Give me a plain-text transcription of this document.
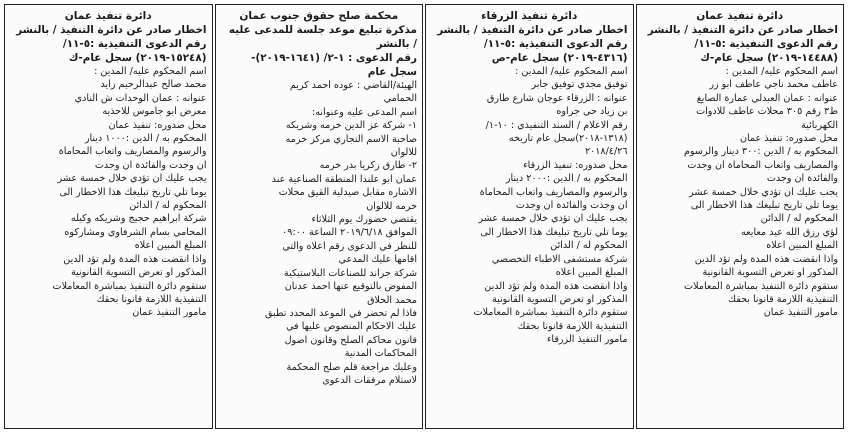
دائرة تنفيذ عمان

اخطار صادر عن دائرة التنفيذ / بالنشر

رقم الدعوى التنفيذية :٥-١١/

(١٤٤٨٨-٢٠١٩) سجل عام-ك

اسم المحكوم عليه/ المدين :

عاطف محمد ناجي عاطف ابو زر

عنوانه : عمان العبدلي عمارة الصايغ

ط٣ رقم ٣٠٥ محلات عاطف للادوات

الكهربائية

محل صدوره: تنفيذ عمان

المحكوم به / الدين :٣٠٠ دينار والرسوم

والمصاريف واتعاب المحاماة ان وجدت

والفائدة ان وجدت

يجب عليك ان تؤدي خلال خمسة عشر

يوما تلي تاريخ تبليغك هذا الاخطار الى

المحكوم له / الدائن

لؤي رزق الله عيد معايعه

المبلغ المبين اعلاه

واذا انقضت هذه المدة ولم تؤد الدين

المذكور او تعرض التسوية القانونية

ستقوم دائرة التنفيذ بمباشرة المعاملات

التنفيذية اللازمة قانونا بحقك

مامور التنفيذ عمان

دائرة تنفيذ الزرقاء

اخطار صادر عن دائرة التنفيذ / بالنشر

رقم الدعوى التنفيذية :٥-١١/

(٤٣١٦-٢٠١٩) سجل عام-ص

اسم المحكوم عليه/ المدين :

توفيق مجدي توفيق جابر

عنوانه : الزرقاء عوجان شارع طارق

بن زياد حي جراوه

رقم الاعلام / السند التنفيذي : ١٠-١/

(١٣١٨-٢٠١٨)سجل عام تاريخه

٢٠١٨/٤/٢٦

محل صدوره: تنفيذ الزرقاء

المحكوم به / الدين :٢٠٠٠ دينار

والرسوم والمصاريف واتعاب المحاماة

ان وجدت والفائدة ان وجدت

يجب عليك ان تؤدي خلال خمسة عشر

يوما تلي تاريخ تبليغك هذا الاخطار الى

المحكوم له / الدائن

شركة مستشفى الاطباء التخصصي

المبلغ المبين اعلاه

واذا انقضت هذه المدة ولم تؤد الدين

المذكور او تعرض التسوية القانونية

ستقوم دائرة التنفيذ بمباشرة المعاملات

التنفيذية اللازمة قانونا بحقك

مامور التنفيذ الزرقاء

محكمة صلح حقوق جنوب عمان

مذكرة تبليغ موعد جلسة للمدعى عليه

/ بالنشر

رقم الدعوى : ١-٢/ (١٦٤١-٢٠١٩)-

سجل عام

الهيئة/القاضي : عوده احمد كريم

الحمامي

اسم المدعى عليه وعنوانه:

١- شركة عز الدين خرمه وشريكه

صاحبة الاسم التجاري مركز خرمه

للالوان

٢- طارق زكريا بدر خرمه

عمان ابو علندا المنطقة الصناعية عند

الاشاره مقابل صيدلية القيق محلات

خرمه للالوان

يقتضي حضورك يوم الثلاثاء

الموافق ٢٠١٩/٦/١٨ الساعة ٠٩:٠٠

للنظر في الدعوى رقم اعلاه والتي

اقامها عليك المدعي

شركة جراند للصناعات البلاستيكية

المفوض بالتوقيع عنها احمد عدنان

محمد الحلاق

فاذا لم تحضر في الموعد المحدد تطبق

عليك الاحكام المنصوص عليها في

قانون محاكم الصلح وقانون اصول

المحاكمات المدنية

وعليك مراجعة قلم صلح المحكمة

لاستلام مرفقات الدعوى

دائرة تنفيذ عمان

اخطار صادر عن دائرة التنفيذ / بالنشر

رقم الدعوى التنفيذية :٥-١١/

(١٥٢٤٨-٢٠١٩) سجل عام-ك

اسم المحكوم عليه/ المدين :

محمد صالح عبدالرحيم زايد

عنوانه : عمان الوحدات ش النادي

معرض ابو جاموس للاحذيه

محل صدوره: تنفيذ عمان

المحكوم به / الدين :١٠٠٠ دينار

والرسوم والمصاريف واتعاب المحاماة

ان وجدت والفائدة ان وجدت

يجب عليك ان تؤدي خلال خمسة عشر

يوما تلي تاريخ تبليغك هذا الاخطار الى

المحكوم له / الدائن

شركة ابراهيم حجيج وشريكه وكيله

المحامي بسام الشرفاوي ومشاركوه

المبلغ المبين اعلاه

واذا انقضت هذه المدة ولم تؤد الدين

المذكور او تعرض التسوية القانونية

ستقوم دائرة التنفيذ بمباشرة المعاملات

التنفيذية اللازمة قانونا بحقك

مامور التنفيذ عمان
